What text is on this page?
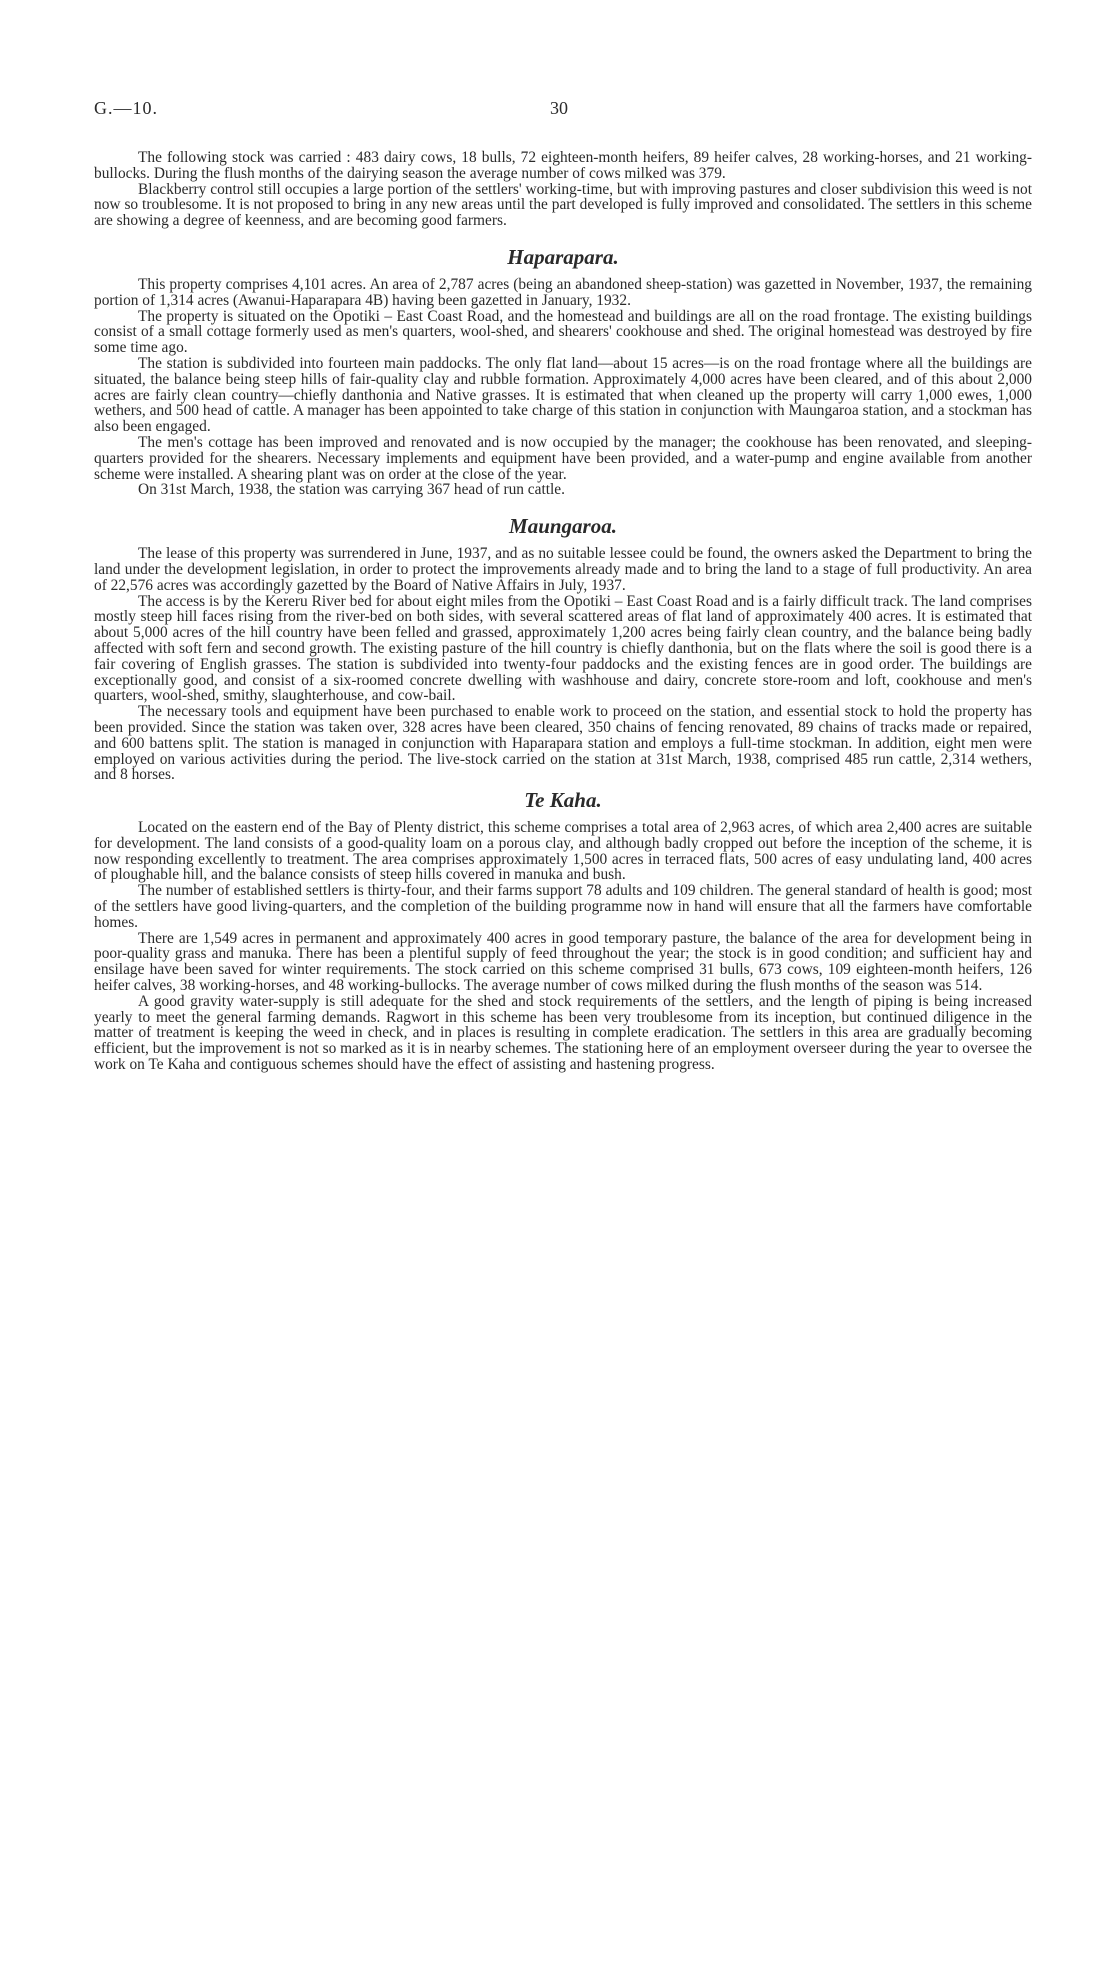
G.—10.	30

The following stock was carried : 483 dairy cows, 18 bulls, 72 eighteen-month heifers, 89 heifer calves, 28 working-horses, and 21 working-bullocks. During the flush months of the dairying season the average number of cows milked was 379.

Blackberry control still occupies a large portion of the settlers' working-time, but with improving pastures and closer subdivision this weed is not now so troublesome. It is not proposed to bring in any new areas until the part developed is fully improved and consolidated. The settlers in this scheme are showing a degree of keenness, and are becoming good farmers.

Haparapara.

This property comprises 4,101 acres. An area of 2,787 acres (being an abandoned sheep-station) was gazetted in November, 1937, the remaining portion of 1,314 acres (Awanui-Haparapara 4B) having been gazetted in January, 1932.

The property is situated on the Opotiki – East Coast Road, and the homestead and buildings are all on the road frontage. The existing buildings consist of a small cottage formerly used as men's quarters, wool-shed, and shearers' cookhouse and shed. The original homestead was destroyed by fire some time ago.

The station is subdivided into fourteen main paddocks. The only flat land—about 15 acres—is on the road frontage where all the buildings are situated, the balance being steep hills of fair-quality clay and rubble formation. Approximately 4,000 acres have been cleared, and of this about 2,000 acres are fairly clean country—chiefly danthonia and Native grasses. It is estimated that when cleaned up the property will carry 1,000 ewes, 1,000 wethers, and 500 head of cattle. A manager has been appointed to take charge of this station in conjunction with Maungaroa station, and a stockman has also been engaged.

The men's cottage has been improved and renovated and is now occupied by the manager; the cookhouse has been renovated, and sleeping-quarters provided for the shearers. Necessary implements and equipment have been provided, and a water-pump and engine available from another scheme were installed. A shearing plant was on order at the close of the year.

On 31st March, 1938, the station was carrying 367 head of run cattle.

Maungaroa.

The lease of this property was surrendered in June, 1937, and as no suitable lessee could be found, the owners asked the Department to bring the land under the development legislation, in order to protect the improvements already made and to bring the land to a stage of full productivity. An area of 22,576 acres was accordingly gazetted by the Board of Native Affairs in July, 1937.

The access is by the Kereru River bed for about eight miles from the Opotiki – East Coast Road and is a fairly difficult track. The land comprises mostly steep hill faces rising from the river-bed on both sides, with several scattered areas of flat land of approximately 400 acres. It is estimated that about 5,000 acres of the hill country have been felled and grassed, approximately 1,200 acres being fairly clean country, and the balance being badly affected with soft fern and second growth. The existing pasture of the hill country is chiefly danthonia, but on the flats where the soil is good there is a fair covering of English grasses. The station is subdivided into twenty-four paddocks and the existing fences are in good order. The buildings are exceptionally good, and consist of a six-roomed concrete dwelling with washhouse and dairy, concrete store-room and loft, cookhouse and men's quarters, wool-shed, smithy, slaughterhouse, and cow-bail.

The necessary tools and equipment have been purchased to enable work to proceed on the station, and essential stock to hold the property has been provided. Since the station was taken over, 328 acres have been cleared, 350 chains of fencing renovated, 89 chains of tracks made or repaired, and 600 battens split. The station is managed in conjunction with Haparapara station and employs a full-time stockman. In addition, eight men were employed on various activities during the period. The live-stock carried on the station at 31st March, 1938, comprised 485 run cattle, 2,314 wethers, and 8 horses.

Te Kaha.

Located on the eastern end of the Bay of Plenty district, this scheme comprises a total area of 2,963 acres, of which area 2,400 acres are suitable for development. The land consists of a good-quality loam on a porous clay, and although badly cropped out before the inception of the scheme, it is now responding excellently to treatment. The area comprises approximately 1,500 acres in terraced flats, 500 acres of easy undulating land, 400 acres of ploughable hill, and the balance consists of steep hills covered in manuka and bush.

The number of established settlers is thirty-four, and their farms support 78 adults and 109 children. The general standard of health is good; most of the settlers have good living-quarters, and the completion of the building programme now in hand will ensure that all the farmers have comfortable homes.

There are 1,549 acres in permanent and approximately 400 acres in good temporary pasture, the balance of the area for development being in poor-quality grass and manuka. There has been a plentiful supply of feed throughout the year; the stock is in good condition; and sufficient hay and ensilage have been saved for winter requirements. The stock carried on this scheme comprised 31 bulls, 673 cows, 109 eighteen-month heifers, 126 heifer calves, 38 working-horses, and 48 working-bullocks. The average number of cows milked during the flush months of the season was 514.

A good gravity water-supply is still adequate for the shed and stock requirements of the settlers, and the length of piping is being increased yearly to meet the general farming demands. Ragwort in this scheme has been very troublesome from its inception, but continued diligence in the matter of treatment is keeping the weed in check, and in places is resulting in complete eradication. The settlers in this area are gradually becoming efficient, but the improvement is not so marked as it is in nearby schemes. The stationing here of an employment overseer during the year to oversee the work on Te Kaha and contiguous schemes should have the effect of assisting and hastening progress.
